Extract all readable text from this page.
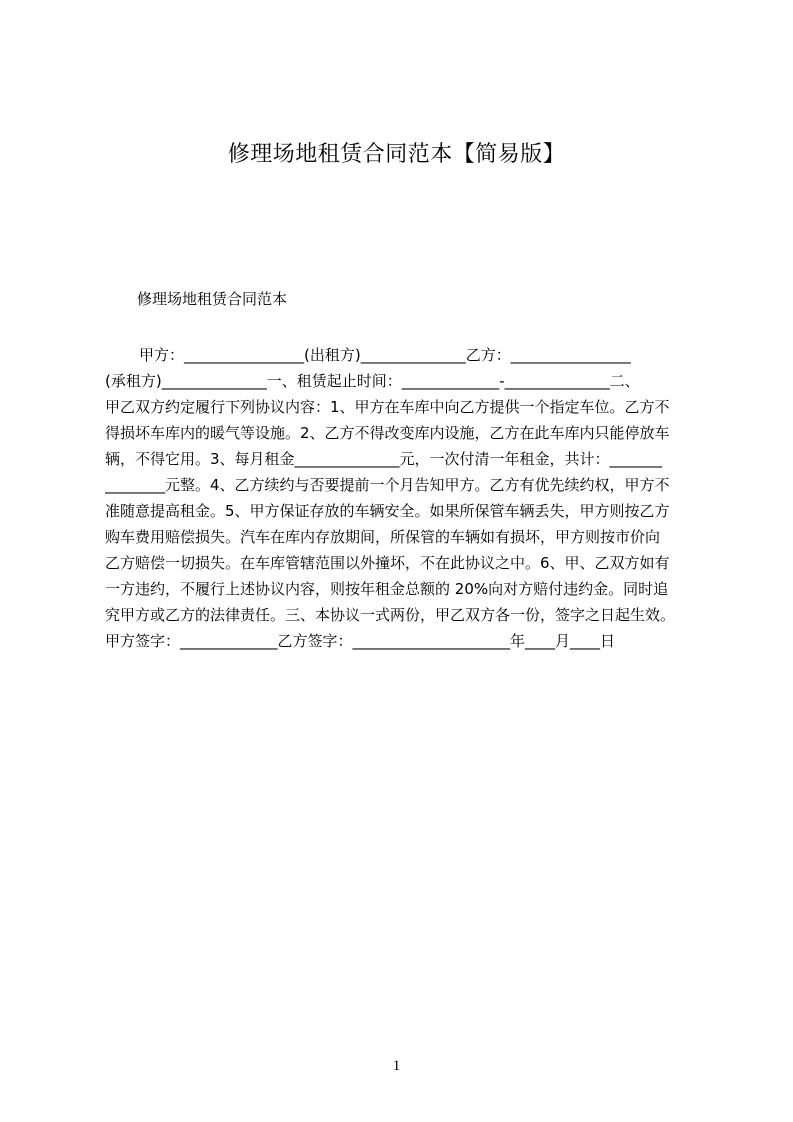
修理场地租赁合同范本【简易版】
修理场地租赁合同范本
甲方：________________(出租方)______________乙方：________________
(承租方)______________一、租赁起止时间：_____________-______________二、
甲乙双方约定履行下列协议内容：1、甲方在车库中向乙方提供一个指定车位。乙方不
得损坏车库内的暖气等设施。2、乙方不得改变库内设施，乙方在此车库内只能停放车
辆，不得它用。3、每月租金______________元，一次付清一年租金，共计：_______
________元整。4、乙方续约与否要提前一个月告知甲方。乙方有优先续约权，甲方不
准随意提高租金。5、甲方保证存放的车辆安全。如果所保管车辆丢失，甲方则按乙方
购车费用赔偿损失。汽车在库内存放期间，所保管的车辆如有损坏，甲方则按市价向
乙方赔偿一切损失。在车库管辖范围以外撞坏，不在此协议之中。6、甲、乙双方如有
一方违约，不履行上述协议内容，则按年租金总额的 20%向对方赔付违约金。同时追
究甲方或乙方的法律责任。三、本协议一式两份，甲乙双方各一份，签字之日起生效。
甲方签字：_____________乙方签字：_____________________年____月____日
1
